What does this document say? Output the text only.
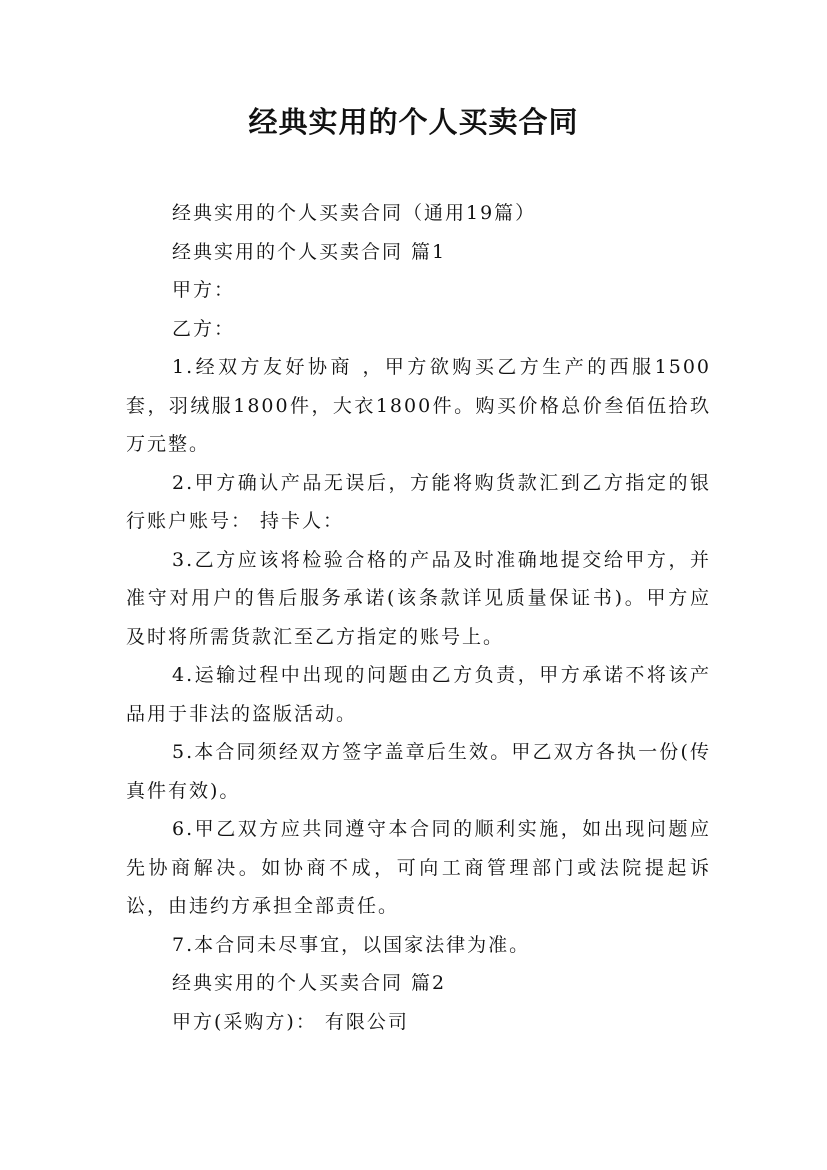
经典实用的个人买卖合同

经典实用的个人买卖合同（通用19篇）

经典实用的个人买卖合同 篇1

甲方：

乙方：

1.经双方友好协商 ，甲方欲购买乙方生产的西服1500套，羽绒服1800件，大衣1800件。购买价格总价叁佰伍拾玖万元整。

2.甲方确认产品无误后，方能将购货款汇到乙方指定的银行账户账号： 持卡人：

3.乙方应该将检验合格的产品及时准确地提交给甲方，并准守对用户的售后服务承诺(该条款详见质量保证书)。甲方应及时将所需货款汇至乙方指定的账号上。

4.运输过程中出现的问题由乙方负责，甲方承诺不将该产品用于非法的盗版活动。

5.本合同须经双方签字盖章后生效。甲乙双方各执一份(传真件有效)。

6.甲乙双方应共同遵守本合同的顺利实施，如出现问题应先协商解决。如协商不成，可向工商管理部门或法院提起诉讼，由违约方承担全部责任。

7.本合同未尽事宜，以国家法律为准。

经典实用的个人买卖合同 篇2

甲方(采购方)： 有限公司
